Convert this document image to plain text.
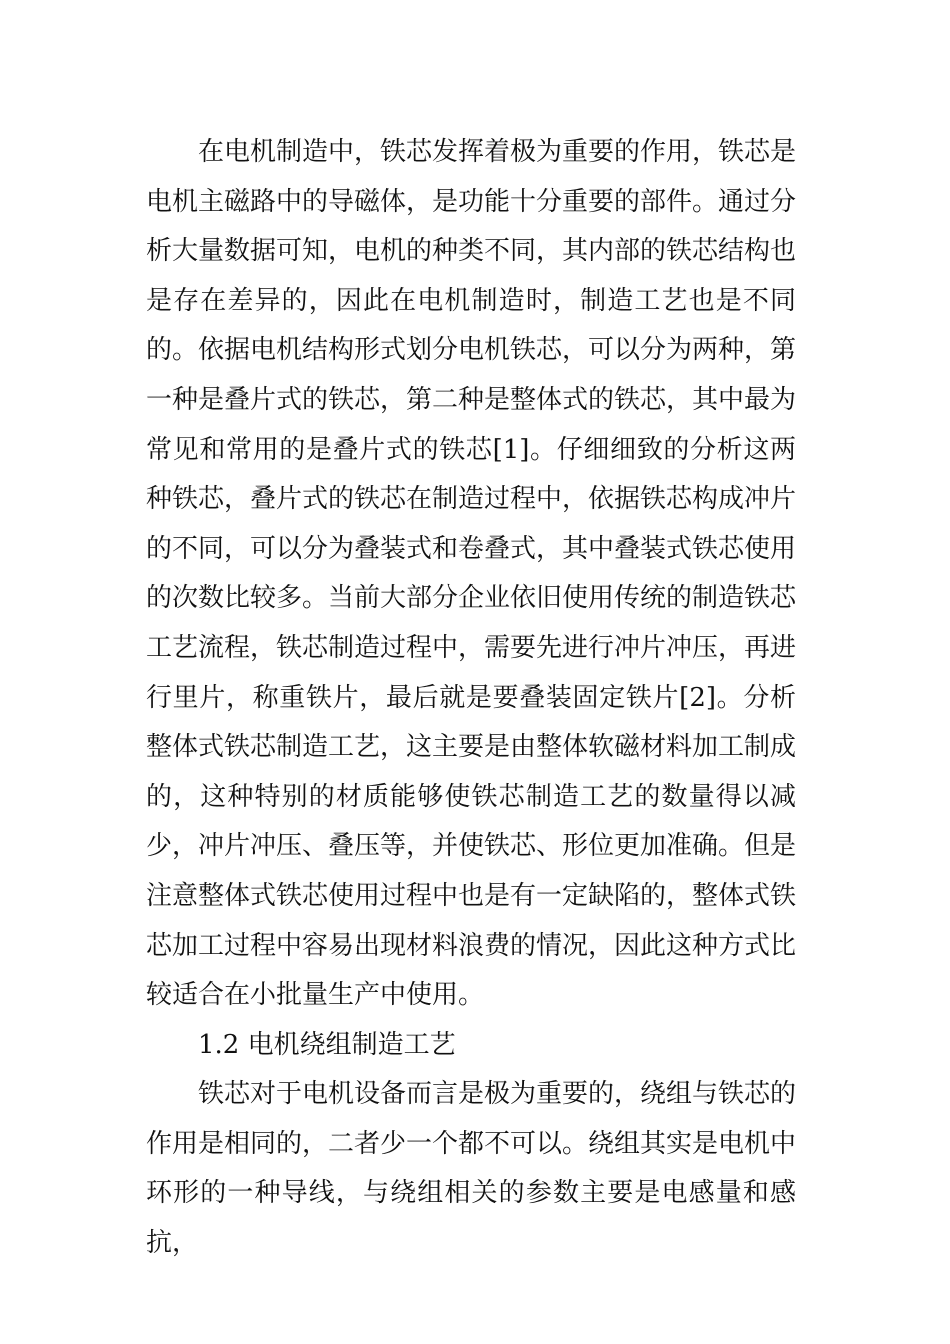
在电机制造中，铁芯发挥着极为重要的作用，铁芯是电机主磁路中的导磁体，是功能十分重要的部件。通过分析大量数据可知，电机的种类不同，其内部的铁芯结构也是存在差异的，因此在电机制造时，制造工艺也是不同的。依据电机结构形式划分电机铁芯，可以分为两种，第一种是叠片式的铁芯，第二种是整体式的铁芯，其中最为常见和常用的是叠片式的铁芯[1]。仔细细致的分析这两种铁芯，叠片式的铁芯在制造过程中，依据铁芯构成冲片的不同，可以分为叠装式和卷叠式，其中叠装式铁芯使用的次数比较多。当前大部分企业依旧使用传统的制造铁芯工艺流程，铁芯制造过程中，需要先进行冲片冲压，再进行里片，称重铁片，最后就是要叠装固定铁片[2]。分析整体式铁芯制造工艺，这主要是由整体软磁材料加工制成的，这种特别的材质能够使铁芯制造工艺的数量得以减少，冲片冲压、叠压等，并使铁芯、形位更加准确。但是注意整体式铁芯使用过程中也是有一定缺陷的，整体式铁芯加工过程中容易出现材料浪费的情况，因此这种方式比较适合在小批量生产中使用。

1.2 电机绕组制造工艺

铁芯对于电机设备而言是极为重要的，绕组与铁芯的作用是相同的，二者少一个都不可以。绕组其实是电机中环形的一种导线，与绕组相关的参数主要是电感量和感抗，
